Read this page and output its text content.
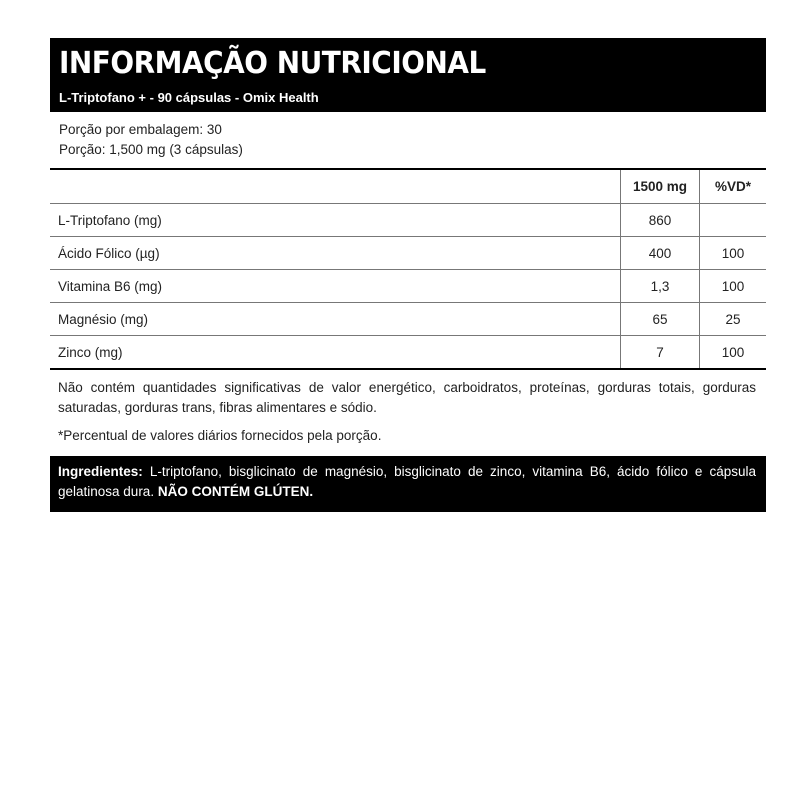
INFORMAÇÃO NUTRICIONAL
L-Triptofano + - 90 cápsulas - Omix Health
Porção por embalagem: 30
Porção: 1,500 mg (3 cápsulas)
	1500 mg	%VD*
L-Triptofano (mg)	860	
Ácido Fólico (µg)	400	100
Vitamina B6 (mg)	1,3	100
Magnésio (mg)	65	25
Zinco (mg)	7	100
Não contém quantidades significativas de valor energético, carboidratos, proteínas, gorduras totais, gorduras saturadas, gorduras trans, fibras alimentares e sódio.
*Percentual de valores diários fornecidos pela porção.
Ingredientes: L-triptofano, bisglicinato de magnésio, bisglicinato de zinco, vitamina B6, ácido fólico e cápsula gelatinosa dura. NÃO CONTÉM GLÚTEN.
